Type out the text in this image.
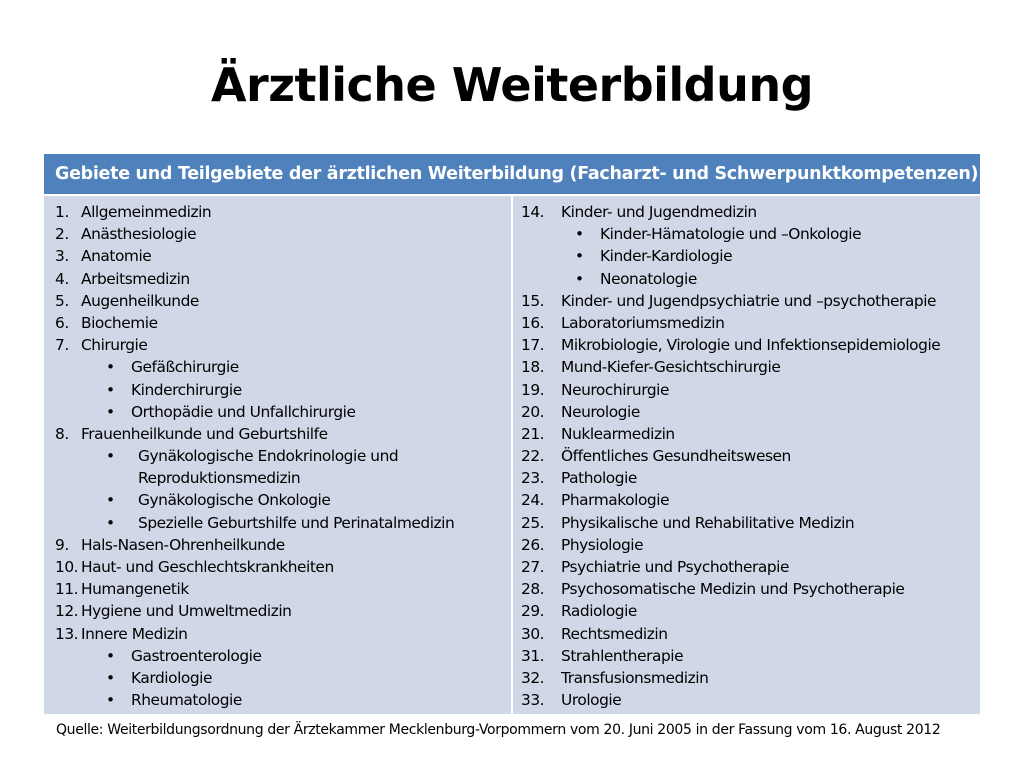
Ärztliche Weiterbildung
Gebiete und Teilgebiete der ärztlichen Weiterbildung (Facharzt- und Schwerpunktkompetenzen)
1. Allgemeinmedizin
2. Anästhesiologie
3. Anatomie
4. Arbeitsmedizin
5. Augenheilkunde
6. Biochemie
7. Chirurgie
• Gefäßchirurgie
• Kinderchirurgie
• Orthopädie und Unfallchirurgie
8. Frauenheilkunde und Geburtshilfe
• Gynäkologische Endokrinologie und
Reproduktionsmedizin
• Gynäkologische Onkologie
• Spezielle Geburtshilfe und Perinatalmedizin
9. Hals-Nasen-Ohrenheilkunde
10. Haut- und Geschlechtskrankheiten
11. Humangenetik
12. Hygiene und Umweltmedizin
13. Innere Medizin
• Gastroenterologie
• Kardiologie
• Rheumatologie
14. Kinder- und Jugendmedizin
• Kinder-Hämatologie und –Onkologie
• Kinder-Kardiologie
• Neonatologie
15. Kinder- und Jugendpsychiatrie und –psychotherapie
16. Laboratoriumsmedizin
17. Mikrobiologie, Virologie und Infektionsepidemiologie
18. Mund-Kiefer-Gesichtschirurgie
19. Neurochirurgie
20. Neurologie
21. Nuklearmedizin
22. Öffentliches Gesundheitswesen
23. Pathologie
24. Pharmakologie
25. Physikalische und Rehabilitative Medizin
26. Physiologie
27. Psychiatrie und Psychotherapie
28. Psychosomatische Medizin und Psychotherapie
29. Radiologie
30. Rechtsmedizin
31. Strahlentherapie
32. Transfusionsmedizin
33. Urologie
Quelle: Weiterbildungsordnung der Ärztekammer Mecklenburg-Vorpommern vom 20. Juni 2005 in der Fassung vom 16. August 2012
